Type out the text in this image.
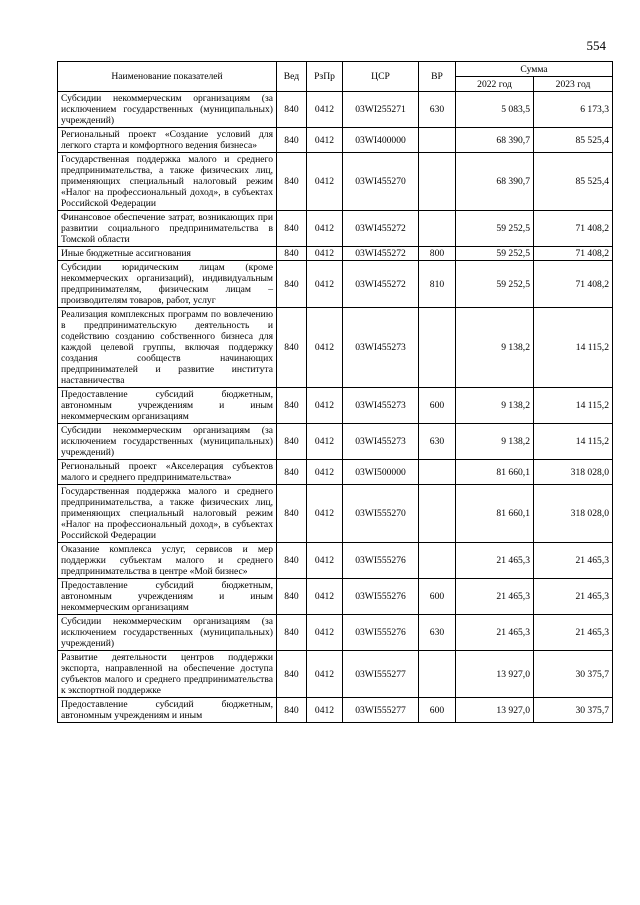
554
Наименование показателей	Вед	РзПр	ЦСР	ВР	Сумма	
					2022 год	2023 год
Субсидии некоммерческим организациям (за исключением государственных (муниципальных) учреждений)	840	0412	03WI255271	630	5 083,5	6 173,3
Региональный проект «Создание условий для легкого старта и комфортного ведения бизнеса»	840	0412	03WI400000		68 390,7	85 525,4
Государственная поддержка малого и среднего предпринимательства, а также физических лиц, применяющих специальный налоговый режим «Налог на профессиональный доход», в субъектах Российской Федерации	840	0412	03WI455270		68 390,7	85 525,4
Финансовое обеспечение затрат, возникающих при развитии социального предпринимательства в Томской области	840	0412	03WI455272		59 252,5	71 408,2
Иные бюджетные ассигнования	840	0412	03WI455272	800	59 252,5	71 408,2
Субсидии юридическим лицам (кроме некоммерческих организаций), индивидуальным предпринимателям, физическим лицам – производителям товаров, работ, услуг	840	0412	03WI455272	810	59 252,5	71 408,2
Реализация комплексных программ по вовлечению в предпринимательскую деятельность и содействию созданию собственного бизнеса для каждой целевой группы, включая поддержку создания сообществ начинающих предпринимателей и развитие института наставничества	840	0412	03WI455273		9 138,2	14 115,2
Предоставление субсидий бюджетным, автономным учреждениям и иным некоммерческим организациям	840	0412	03WI455273	600	9 138,2	14 115,2
Субсидии некоммерческим организациям (за исключением государственных (муниципальных) учреждений)	840	0412	03WI455273	630	9 138,2	14 115,2
Региональный проект «Акселерация субъектов малого и среднего предпринимательства»	840	0412	03WI500000		81 660,1	318 028,0
Государственная поддержка малого и среднего предпринимательства, а также физических лиц, применяющих специальный налоговый режим «Налог на профессиональный доход», в субъектах Российской Федерации	840	0412	03WI555270		81 660,1	318 028,0
Оказание комплекса услуг, сервисов и мер поддержки субъектам малого и среднего предпринимательства в центре «Мой бизнес»	840	0412	03WI555276		21 465,3	21 465,3
Предоставление субсидий бюджетным, автономным учреждениям и иным некоммерческим организациям	840	0412	03WI555276	600	21 465,3	21 465,3
Субсидии некоммерческим организациям (за исключением государственных (муниципальных) учреждений)	840	0412	03WI555276	630	21 465,3	21 465,3
Развитие деятельности центров поддержки экспорта, направленной на обеспечение доступа субъектов малого и среднего предпринимательства к экспортной поддержке	840	0412	03WI555277		13 927,0	30 375,7
Предоставление субсидий бюджетным, автономным учреждениям и иным	840	0412	03WI555277	600	13 927,0	30 375,7
